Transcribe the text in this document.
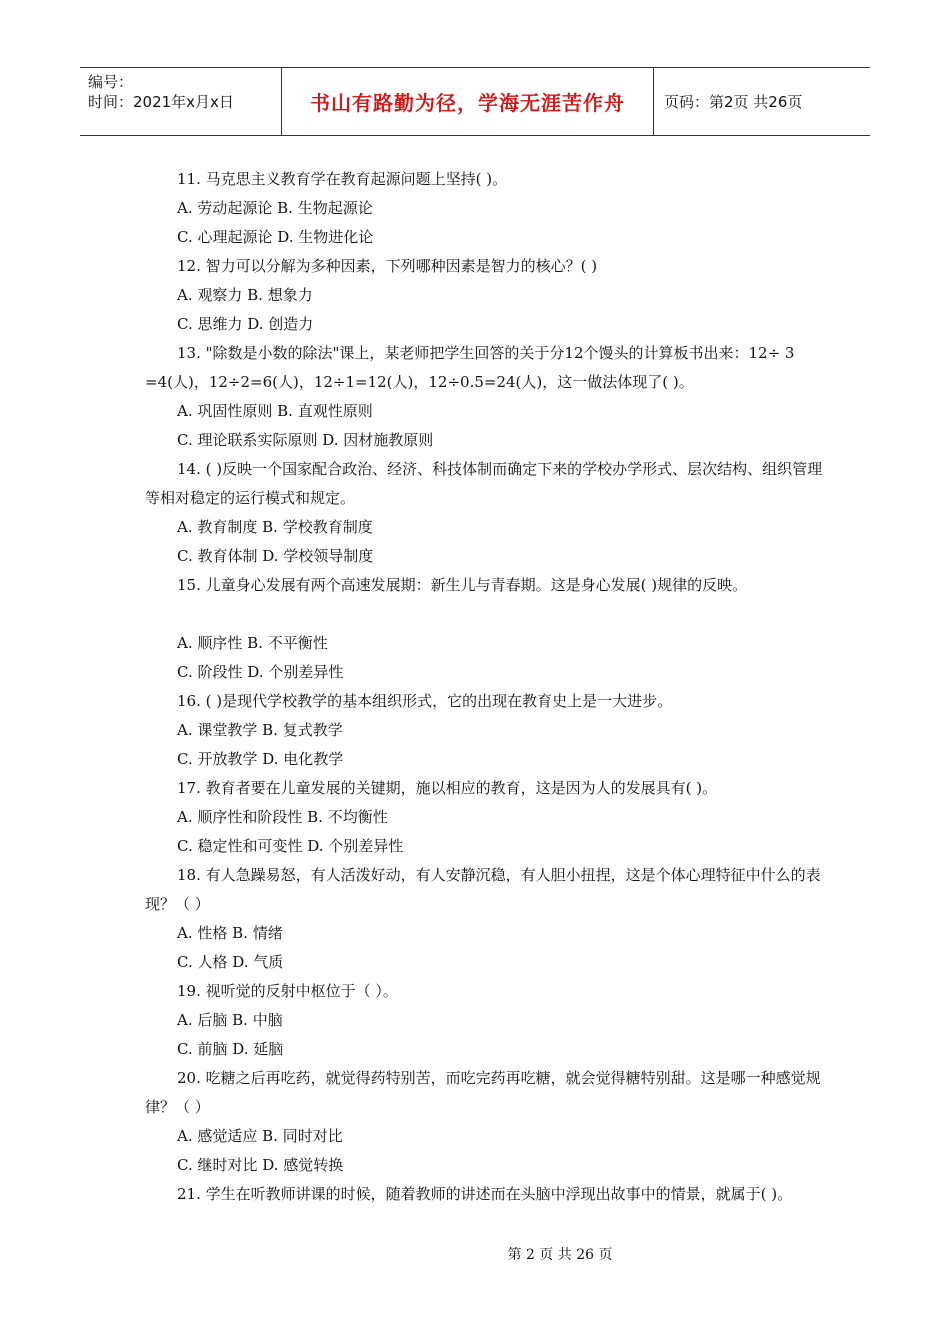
编号：
时间：2021年x月x日	书山有路勤为径，学海无涯苦作舟	页码：第2页 共26页

11. 马克思主义教育学在教育起源问题上坚持( )。

A. 劳动起源论 B. 生物起源论

C. 心理起源论 D. 生物进化论

12. 智力可以分解为多种因素，下列哪种因素是智力的核心？( )

A. 观察力 B. 想象力

C. 思维力 D. 创造力

13. "除数是小数的除法"课上，某老师把学生回答的关于分12个馒头的计算板书出来：12÷ 3 =4(人)，12÷2=6(人)，12÷1=12(人)，12÷0.5=24(人)，这一做法体现了( )。

A. 巩固性原则 B. 直观性原则

C. 理论联系实际原则 D. 因材施教原则

14. ( )反映一个国家配合政治、经济、科技体制而确定下来的学校办学形式、层次结构、组织管理等相对稳定的运行模式和规定。

A. 教育制度 B. 学校教育制度

C. 教育体制 D. 学校领导制度

15. 儿童身心发展有两个高速发展期：新生儿与青春期。这是身心发展( )规律的反映。

A. 顺序性 B. 不平衡性

C. 阶段性 D. 个别差异性

16. ( )是现代学校教学的基本组织形式，它的出现在教育史上是一大进步。

A. 课堂教学 B. 复式教学

C. 开放教学 D. 电化教学

17. 教育者要在儿童发展的关键期，施以相应的教育，这是因为人的发展具有( )。

A. 顺序性和阶段性 B. 不均衡性

C. 稳定性和可变性 D. 个别差异性

18. 有人急躁易怒，有人活泼好动，有人安静沉稳，有人胆小扭捏，这是个体心理特征中什么的表现？（ ）

A. 性格 B. 情绪

C. 人格 D. 气质

19. 视听觉的反射中枢位于（ ）。

A. 后脑 B. 中脑

C. 前脑 D. 延脑

20. 吃糖之后再吃药，就觉得药特别苦，而吃完药再吃糖，就会觉得糖特别甜。这是哪一种感觉规律？（ ）

A. 感觉适应 B. 同时对比

C. 继时对比 D. 感觉转换

21. 学生在听教师讲课的时候，随着教师的讲述而在头脑中浮现出故事中的情景，就属于( )。

第 2 页 共 26 页
